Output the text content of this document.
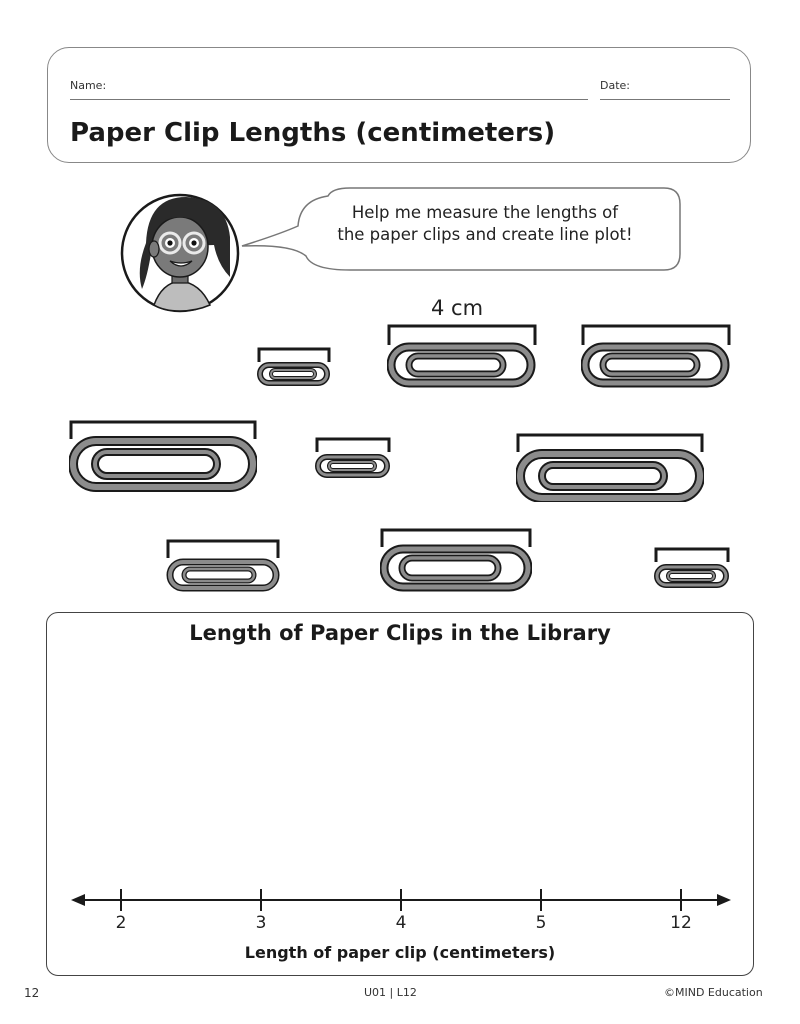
Name:	Date:
Paper Clip Lengths (centimeters)
Help me measure the lengths of
the paper clips and create line plot!
4 cm
Length of Paper Clips in the Library
2	3	4	5	12
Length of paper clip (centimeters)
12	U01 | L12	©MIND Education
